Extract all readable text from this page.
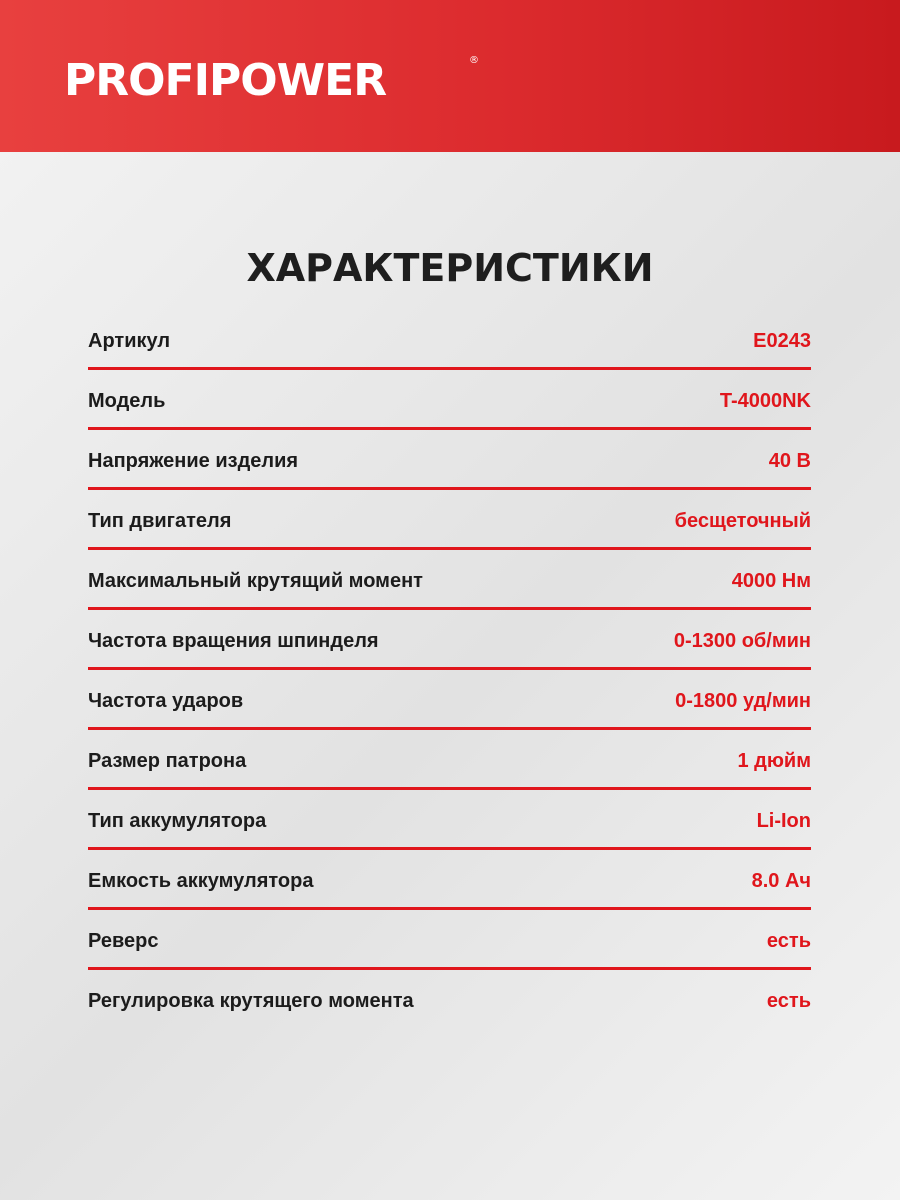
PROFIPOWER	®
ХАРАКТЕРИСТИКИ
Артикул	E0243
Модель	T-4000NK
Напряжение изделия	40 В
Тип двигателя	бесщеточный
Максимальный крутящий момент	4000 Нм
Частота вращения шпинделя	0-1300 об/мин
Частота ударов	0-1800 уд/мин
Размер патрона	1 дюйм
Тип аккумулятора	Li-Ion
Емкость аккумулятора	8.0 Ач
Реверс	есть
Регулировка крутящего момента	есть
